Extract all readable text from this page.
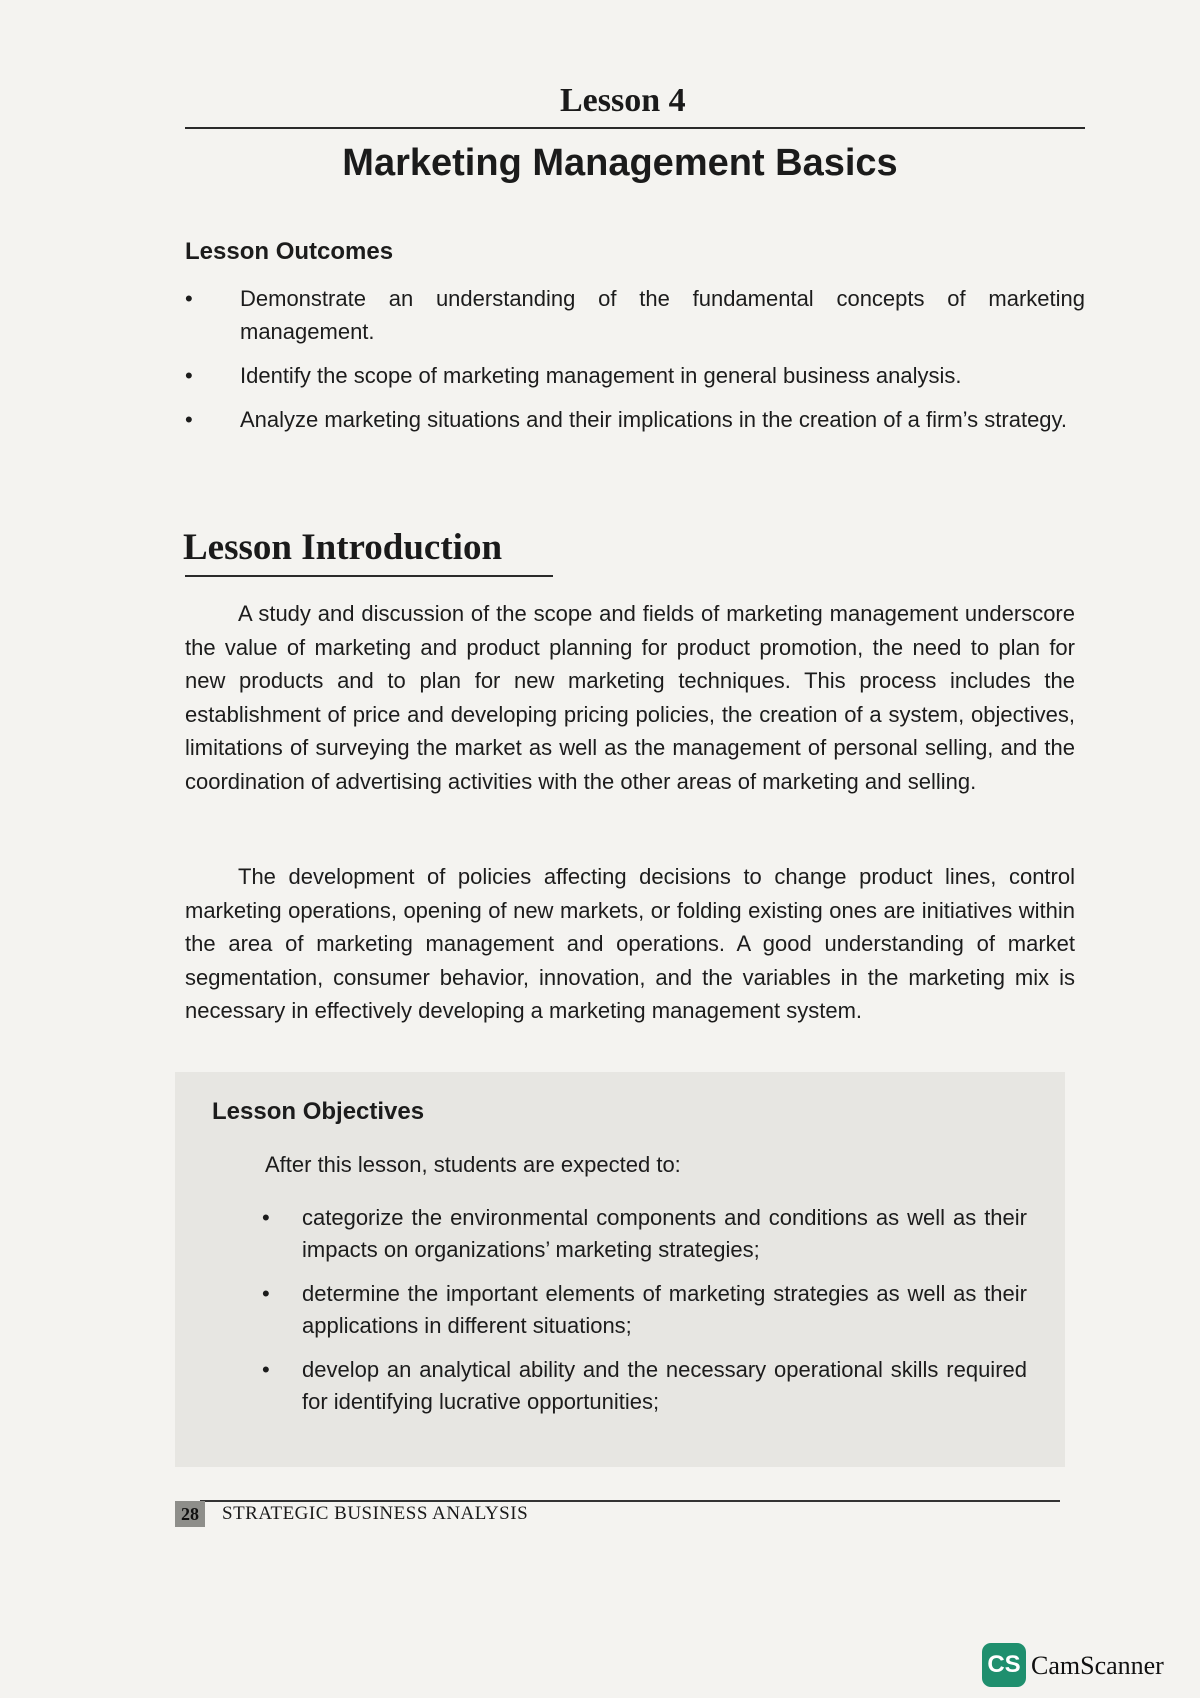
Lesson 4
Marketing Management Basics
Lesson Outcomes
• Demonstrate an understanding of the fundamental concepts of marketing management.
• Identify the scope of marketing management in general business analysis.
• Analyze marketing situations and their implications in the creation of a firm’s strategy.
Lesson Introduction
A study and discussion of the scope and fields of marketing management underscore the value of marketing and product planning for product promotion, the need to plan for new products and to plan for new marketing techniques. This process includes the establishment of price and developing pricing policies, the creation of a system, objectives, limitations of surveying the market as well as the management of personal selling, and the coordination of advertising activities with the other areas of marketing and selling.
The development of policies affecting decisions to change product lines, control marketing operations, opening of new markets, or folding existing ones are initiatives within the area of marketing management and operations. A good understanding of market segmentation, consumer behavior, innovation, and the variables in the marketing mix is necessary in effectively developing a marketing management system.
Lesson Objectives
After this lesson, students are expected to:
• categorize the environmental components and conditions as well as their impacts on organizations’ marketing strategies;
• determine the important elements of marketing strategies as well as their applications in different situations;
• develop an analytical ability and the necessary operational skills required for identifying lucrative opportunities;
28	STRATEGIC BUSINESS ANALYSIS
CS CamScanner
